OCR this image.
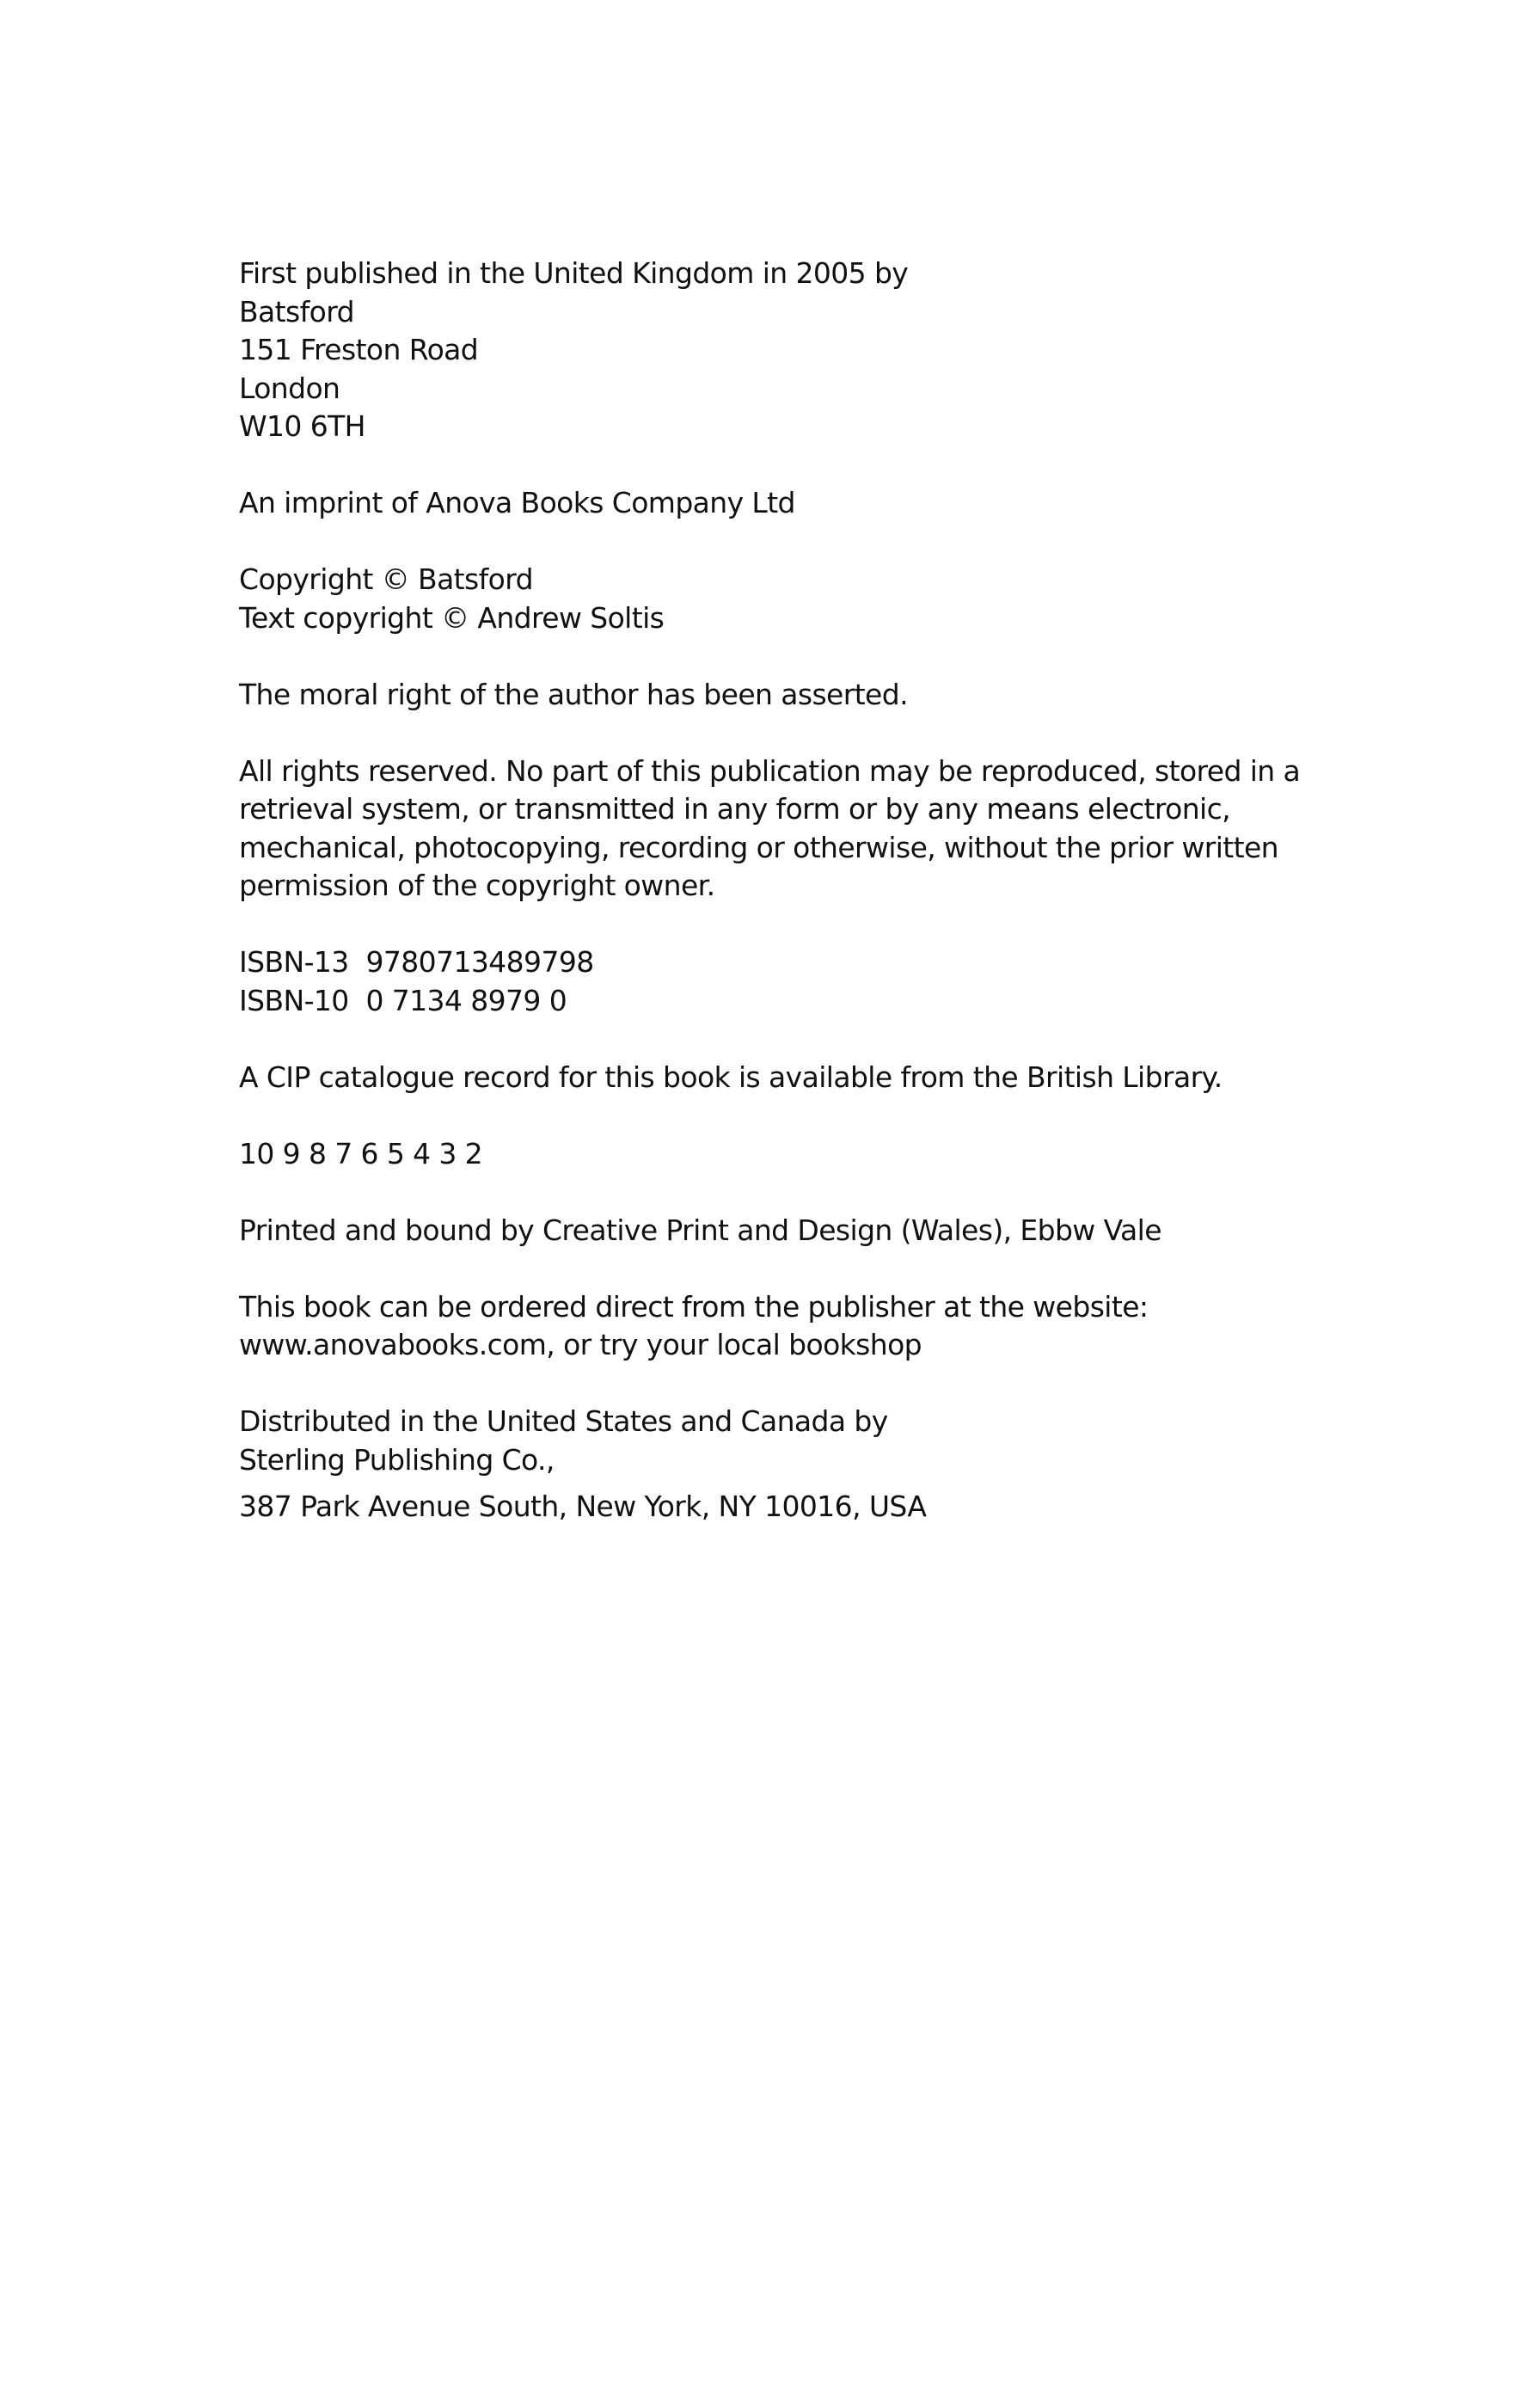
First published in the United Kingdom in 2005 by
Batsford
151 Freston Road
London
W10 6TH
An imprint of Anova Books Company Ltd
Copyright © Batsford
Text copyright © Andrew Soltis
The moral right of the author has been asserted.
All rights reserved. No part of this publication may be reproduced, stored in a
retrieval system, or transmitted in any form or by any means electronic,
mechanical, photocopying, recording or otherwise, without the prior written
permission of the copyright owner.
ISBN-13  9780713489798
ISBN-10  0 7134 8979 0
A CIP catalogue record for this book is available from the British Library.
10 9 8 7 6 5 4 3 2
Printed and bound by Creative Print and Design (Wales), Ebbw Vale
This book can be ordered direct from the publisher at the website:
www.anovabooks.com, or try your local bookshop
Distributed in the United States and Canada by
Sterling Publishing Co.,
387 Park Avenue South, New York, NY 10016, USA
